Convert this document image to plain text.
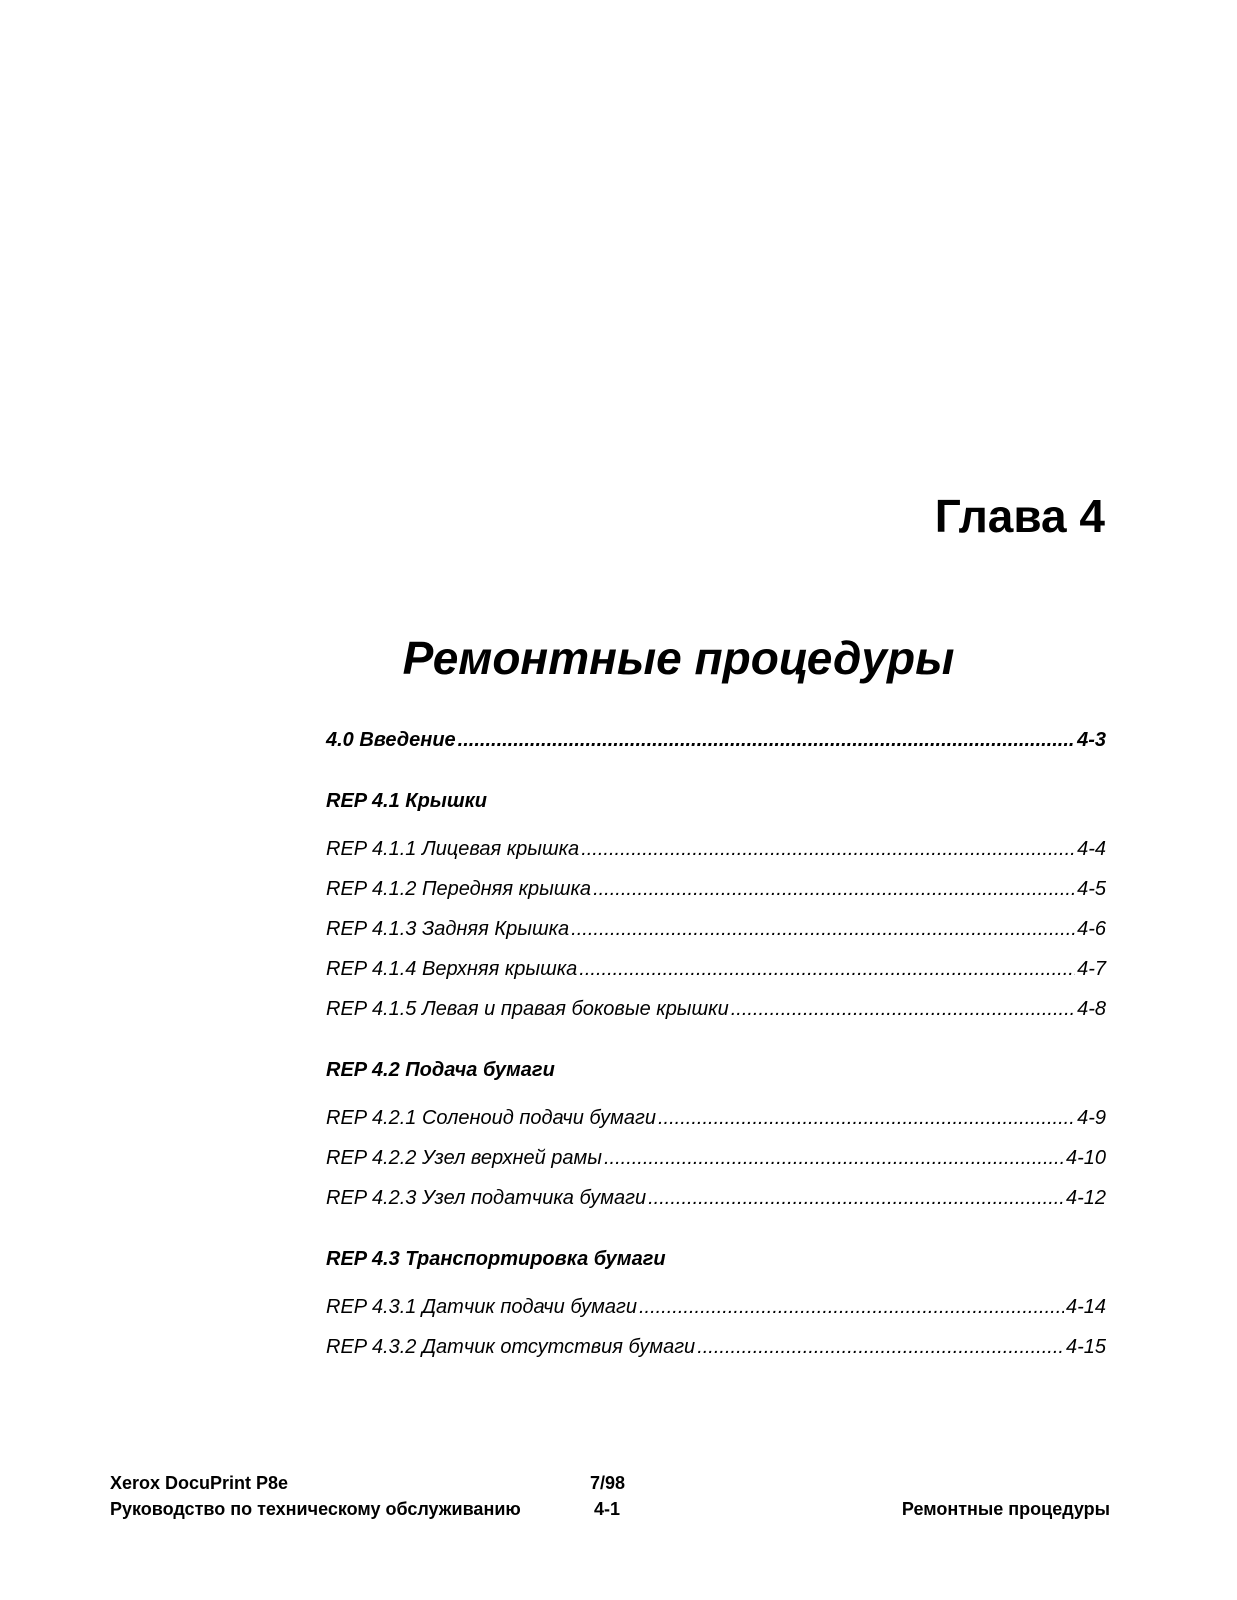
Глава 4
Ремонтные процедуры
4.0 Введение .....	4-3
REP 4.1 Крышки
REP 4.1.1 Лицевая крышка .....	4-4
REP 4.1.2 Передняя крышка .....	4-5
REP 4.1.3 Задняя Крышка .....	4-6
REP 4.1.4 Верхняя крышка .....	4-7
REP 4.1.5 Левая и правая боковые крышки .....	4-8
REP 4.2 Подача бумаги
REP 4.2.1 Соленоид подачи бумаги .....	4-9
REP 4.2.2 Узел верхней рамы .....	4-10
REP 4.2.3 Узел податчика бумаги .....	4-12
REP 4.3 Транспортировка бумаги
REP 4.3.1 Датчик подачи бумаги .....	4-14
REP 4.3.2 Датчик отсутствия бумаги .....	4-15
Xerox DocuPrint P8e	7/98
Руководство по техническому обслуживанию	4-1	Ремонтные процедуры
